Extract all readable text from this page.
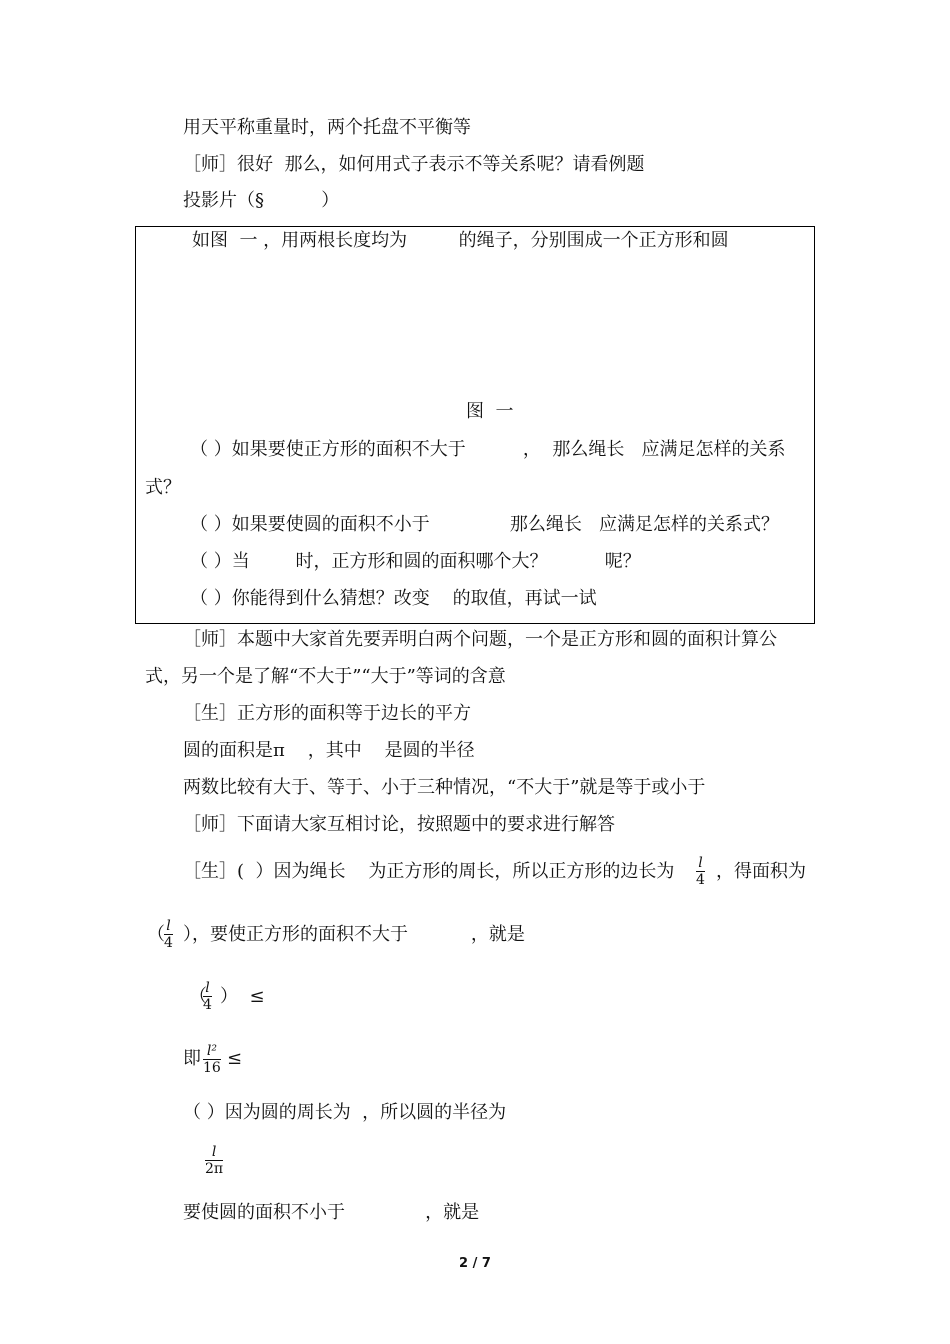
用天平称重量时，两个托盘不平衡等
［师］很好  那么，如何用式子表示不等关系呢？请看例题
投影片（§          ）
如图  一 ，用两根长度均为         的绳子，分别围成一个正方形和圆
图  一
（ ）如果要使正方形的面积不大于          ，  那么绳长   应满足怎样的关系
式？
（ ）如果要使圆的面积不小于              那么绳长   应满足怎样的关系式？
（ ）当        时，正方形和圆的面积哪个大？          呢？
（ ）你能得到什么猜想？改变    的取值，再试一试
［师］本题中大家首先要弄明白两个问题，一个是正方形和圆的面积计算公
式，另一个是了解“不大于”“大于”等词的含意
［生］正方形的面积等于边长的平方
圆的面积是π    ，其中    是圆的半径
两数比较有大于、等于、小于三种情况，“不大于”就是等于或小于
［师］下面请大家互相讨论，按照题中的要求进行解答
［生］(  ）因为绳长    为正方形的周长，所以正方形的边长为 $\frac{l}{4}$ ，得面积为
（ $\frac{l}{4}$ ），要使正方形的面积不大于           ，就是
（
$\frac{l}{4}$ ）  ≤
即 $\frac{\text{l²}}{16}$ ≤
（ ）因为圆的周长为  ，所以圆的半径为
$\frac{l}{2\pi}$
要使圆的面积不小于              ，就是
2 / 7
